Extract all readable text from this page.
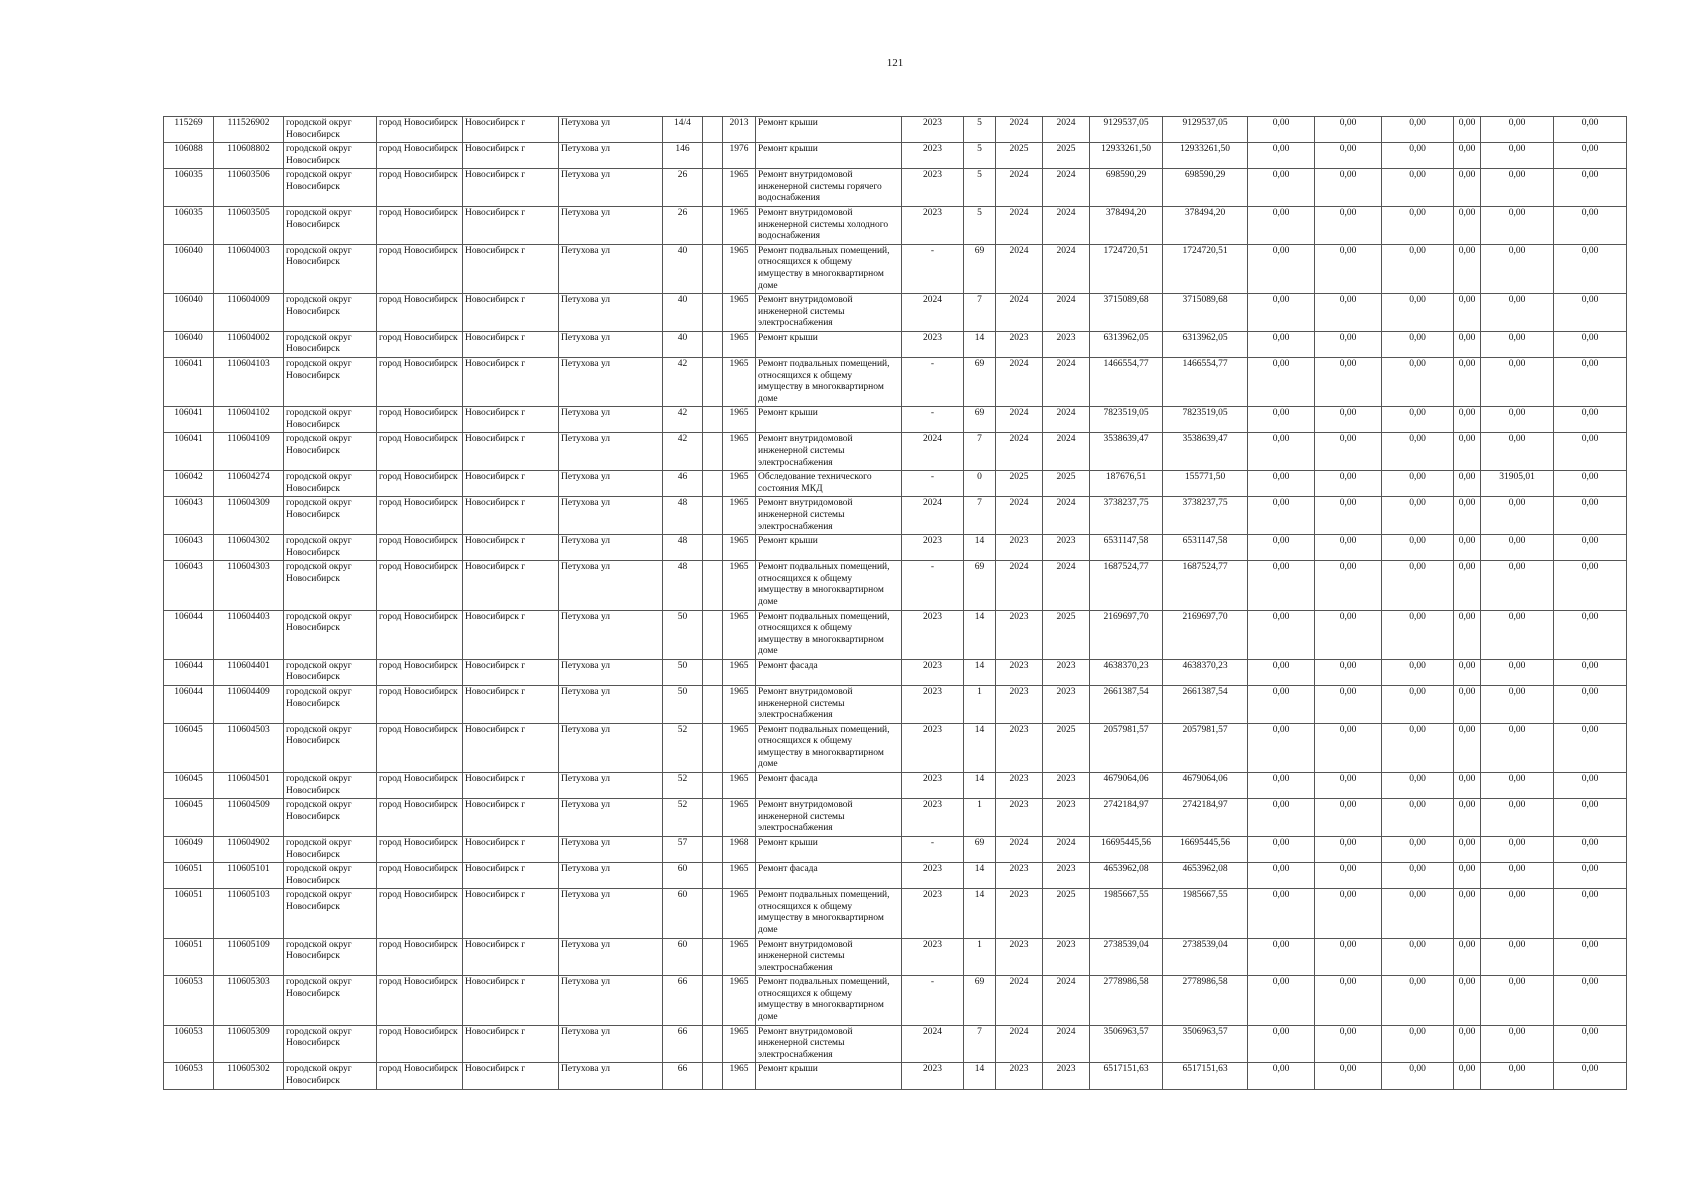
121
115269	111526902	городской округ Новосибирск	город Новосибирск	Новосибирск г	Петухова ул	14/4		2013	Ремонт крыши	2023	5	2024	2024	9129537,05	9129537,05	0,00	0,00	0,00	0,00	0,00	0,00
106088	110608802	городской округ Новосибирск	город Новосибирск	Новосибирск г	Петухова ул	146		1976	Ремонт крыши	2023	5	2025	2025	12933261,50	12933261,50	0,00	0,00	0,00	0,00	0,00	0,00
106035	110603506	городской округ Новосибирск	город Новосибирск	Новосибирск г	Петухова ул	26		1965	Ремонт внутридомовой инженерной системы горячего водоснабжения	2023	5	2024	2024	698590,29	698590,29	0,00	0,00	0,00	0,00	0,00	0,00
106035	110603505	городской округ Новосибирск	город Новосибирск	Новосибирск г	Петухова ул	26		1965	Ремонт внутридомовой инженерной системы холодного водоснабжения	2023	5	2024	2024	378494,20	378494,20	0,00	0,00	0,00	0,00	0,00	0,00
106040	110604003	городской округ Новосибирск	город Новосибирск	Новосибирск г	Петухова ул	40		1965	Ремонт подвальных помещений, относящихся к общему имуществу в многоквартирном доме	-	69	2024	2024	1724720,51	1724720,51	0,00	0,00	0,00	0,00	0,00	0,00
106040	110604009	городской округ Новосибирск	город Новосибирск	Новосибирск г	Петухова ул	40		1965	Ремонт внутридомовой инженерной системы электроснабжения	2024	7	2024	2024	3715089,68	3715089,68	0,00	0,00	0,00	0,00	0,00	0,00
106040	110604002	городской округ Новосибирск	город Новосибирск	Новосибирск г	Петухова ул	40		1965	Ремонт крыши	2023	14	2023	2023	6313962,05	6313962,05	0,00	0,00	0,00	0,00	0,00	0,00
106041	110604103	городской округ Новосибирск	город Новосибирск	Новосибирск г	Петухова ул	42		1965	Ремонт подвальных помещений, относящихся к общему имуществу в многоквартирном доме	-	69	2024	2024	1466554,77	1466554,77	0,00	0,00	0,00	0,00	0,00	0,00
106041	110604102	городской округ Новосибирск	город Новосибирск	Новосибирск г	Петухова ул	42		1965	Ремонт крыши	-	69	2024	2024	7823519,05	7823519,05	0,00	0,00	0,00	0,00	0,00	0,00
106041	110604109	городской округ Новосибирск	город Новосибирск	Новосибирск г	Петухова ул	42		1965	Ремонт внутридомовой инженерной системы электроснабжения	2024	7	2024	2024	3538639,47	3538639,47	0,00	0,00	0,00	0,00	0,00	0,00
106042	110604274	городской округ Новосибирск	город Новосибирск	Новосибирск г	Петухова ул	46		1965	Обследование технического состояния МКД	-	0	2025	2025	187676,51	155771,50	0,00	0,00	0,00	0,00	31905,01	0,00
106043	110604309	городской округ Новосибирск	город Новосибирск	Новосибирск г	Петухова ул	48		1965	Ремонт внутридомовой инженерной системы электроснабжения	2024	7	2024	2024	3738237,75	3738237,75	0,00	0,00	0,00	0,00	0,00	0,00
106043	110604302	городской округ Новосибирск	город Новосибирск	Новосибирск г	Петухова ул	48		1965	Ремонт крыши	2023	14	2023	2023	6531147,58	6531147,58	0,00	0,00	0,00	0,00	0,00	0,00
106043	110604303	городской округ Новосибирск	город Новосибирск	Новосибирск г	Петухова ул	48		1965	Ремонт подвальных помещений, относящихся к общему имуществу в многоквартирном доме	-	69	2024	2024	1687524,77	1687524,77	0,00	0,00	0,00	0,00	0,00	0,00
106044	110604403	городской округ Новосибирск	город Новосибирск	Новосибирск г	Петухова ул	50		1965	Ремонт подвальных помещений, относящихся к общему имуществу в многоквартирном доме	2023	14	2023	2025	2169697,70	2169697,70	0,00	0,00	0,00	0,00	0,00	0,00
106044	110604401	городской округ Новосибирск	город Новосибирск	Новосибирск г	Петухова ул	50		1965	Ремонт фасада	2023	14	2023	2023	4638370,23	4638370,23	0,00	0,00	0,00	0,00	0,00	0,00
106044	110604409	городской округ Новосибирск	город Новосибирск	Новосибирск г	Петухова ул	50		1965	Ремонт внутридомовой инженерной системы электроснабжения	2023	1	2023	2023	2661387,54	2661387,54	0,00	0,00	0,00	0,00	0,00	0,00
106045	110604503	городской округ Новосибирск	город Новосибирск	Новосибирск г	Петухова ул	52		1965	Ремонт подвальных помещений, относящихся к общему имуществу в многоквартирном доме	2023	14	2023	2025	2057981,57	2057981,57	0,00	0,00	0,00	0,00	0,00	0,00
106045	110604501	городской округ Новосибирск	город Новосибирск	Новосибирск г	Петухова ул	52		1965	Ремонт фасада	2023	14	2023	2023	4679064,06	4679064,06	0,00	0,00	0,00	0,00	0,00	0,00
106045	110604509	городской округ Новосибирск	город Новосибирск	Новосибирск г	Петухова ул	52		1965	Ремонт внутридомовой инженерной системы электроснабжения	2023	1	2023	2023	2742184,97	2742184,97	0,00	0,00	0,00	0,00	0,00	0,00
106049	110604902	городской округ Новосибирск	город Новосибирск	Новосибирск г	Петухова ул	57		1968	Ремонт крыши	-	69	2024	2024	16695445,56	16695445,56	0,00	0,00	0,00	0,00	0,00	0,00
106051	110605101	городской округ Новосибирск	город Новосибирск	Новосибирск г	Петухова ул	60		1965	Ремонт фасада	2023	14	2023	2023	4653962,08	4653962,08	0,00	0,00	0,00	0,00	0,00	0,00
106051	110605103	городской округ Новосибирск	город Новосибирск	Новосибирск г	Петухова ул	60		1965	Ремонт подвальных помещений, относящихся к общему имуществу в многоквартирном доме	2023	14	2023	2025	1985667,55	1985667,55	0,00	0,00	0,00	0,00	0,00	0,00
106051	110605109	городской округ Новосибирск	город Новосибирск	Новосибирск г	Петухова ул	60		1965	Ремонт внутридомовой инженерной системы электроснабжения	2023	1	2023	2023	2738539,04	2738539,04	0,00	0,00	0,00	0,00	0,00	0,00
106053	110605303	городской округ Новосибирск	город Новосибирск	Новосибирск г	Петухова ул	66		1965	Ремонт подвальных помещений, относящихся к общему имуществу в многоквартирном доме	-	69	2024	2024	2778986,58	2778986,58	0,00	0,00	0,00	0,00	0,00	0,00
106053	110605309	городской округ Новосибирск	город Новосибирск	Новосибирск г	Петухова ул	66		1965	Ремонт внутридомовой инженерной системы электроснабжения	2024	7	2024	2024	3506963,57	3506963,57	0,00	0,00	0,00	0,00	0,00	0,00
106053	110605302	городской округ Новосибирск	город Новосибирск	Новосибирск г	Петухова ул	66		1965	Ремонт крыши	2023	14	2023	2023	6517151,63	6517151,63	0,00	0,00	0,00	0,00	0,00	0,00
